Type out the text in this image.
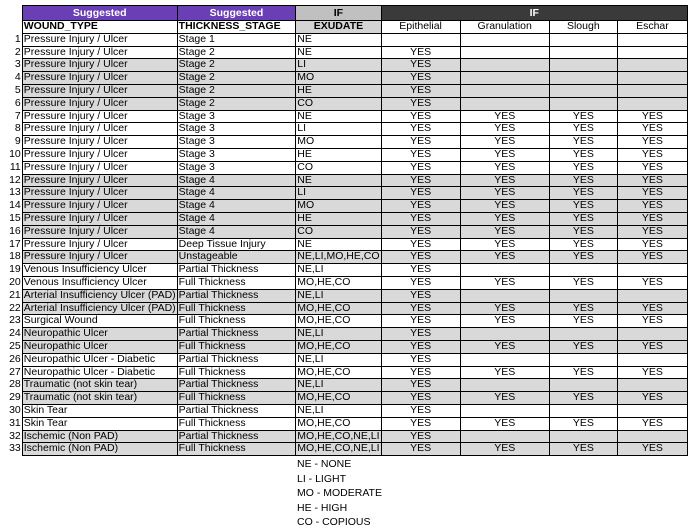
	Suggested	Suggested	IF	IF			
	WOUND_TYPE	THICKNESS_STAGE	EXUDATE	Epithelial	Granulation	Slough	Eschar
1	Pressure Injury / Ulcer	Stage 1	NE				
2	Pressure Injury / Ulcer	Stage 2	NE	YES			
3	Pressure Injury / Ulcer	Stage 2	LI	YES			
4	Pressure Injury / Ulcer	Stage 2	MO	YES			
5	Pressure Injury / Ulcer	Stage 2	HE	YES			
6	Pressure Injury / Ulcer	Stage 2	CO	YES			
7	Pressure Injury / Ulcer	Stage 3	NE	YES	YES	YES	YES
8	Pressure Injury / Ulcer	Stage 3	LI	YES	YES	YES	YES
9	Pressure Injury / Ulcer	Stage 3	MO	YES	YES	YES	YES
10	Pressure Injury / Ulcer	Stage 3	HE	YES	YES	YES	YES
11	Pressure Injury / Ulcer	Stage 3	CO	YES	YES	YES	YES
12	Pressure Injury / Ulcer	Stage 4	NE	YES	YES	YES	YES
13	Pressure Injury / Ulcer	Stage 4	LI	YES	YES	YES	YES
14	Pressure Injury / Ulcer	Stage 4	MO	YES	YES	YES	YES
15	Pressure Injury / Ulcer	Stage 4	HE	YES	YES	YES	YES
16	Pressure Injury / Ulcer	Stage 4	CO	YES	YES	YES	YES
17	Pressure Injury / Ulcer	Deep Tissue Injury	NE	YES	YES	YES	YES
18	Pressure Injury / Ulcer	Unstageable	NE,LI,MO,HE,CO	YES	YES	YES	YES
19	Venous Insufficiency Ulcer	Partial Thickness	NE,LI	YES			
20	Venous Insufficiency Ulcer	Full Thickness	MO,HE,CO	YES	YES	YES	YES
21	Arterial Insufficiency Ulcer (PAD)	Partial Thickness	NE,LI	YES			
22	Arterial Insufficiency Ulcer (PAD)	Full Thickness	MO,HE,CO	YES	YES	YES	YES
23	Surgical Wound	Full Thickness	MO,HE,CO	YES	YES	YES	YES
24	Neuropathic Ulcer	Partial Thickness	NE,LI	YES			
25	Neuropathic Ulcer	Full Thickness	MO,HE,CO	YES	YES	YES	YES
26	Neuropathic Ulcer - Diabetic	Partial Thickness	NE,LI	YES			
27	Neuropathic Ulcer - Diabetic	Full Thickness	MO,HE,CO	YES	YES	YES	YES
28	Traumatic (not skin tear)	Partial Thickness	NE,LI	YES			
29	Traumatic (not skin tear)	Full Thickness	MO,HE,CO	YES	YES	YES	YES
30	Skin Tear	Partial Thickness	NE,LI	YES			
31	Skin Tear	Full Thickness	MO,HE,CO	YES	YES	YES	YES
32	Ischemic (Non PAD)	Partial Thickness	MO,HE,CO,NE,LI	YES			
33	Ischemic (Non PAD)	Full Thickness	MO,HE,CO,NE,LI	YES	YES	YES	YES
NE - NONE
LI - LIGHT
MO - MODERATE
HE - HIGH
CO - COPIOUS
